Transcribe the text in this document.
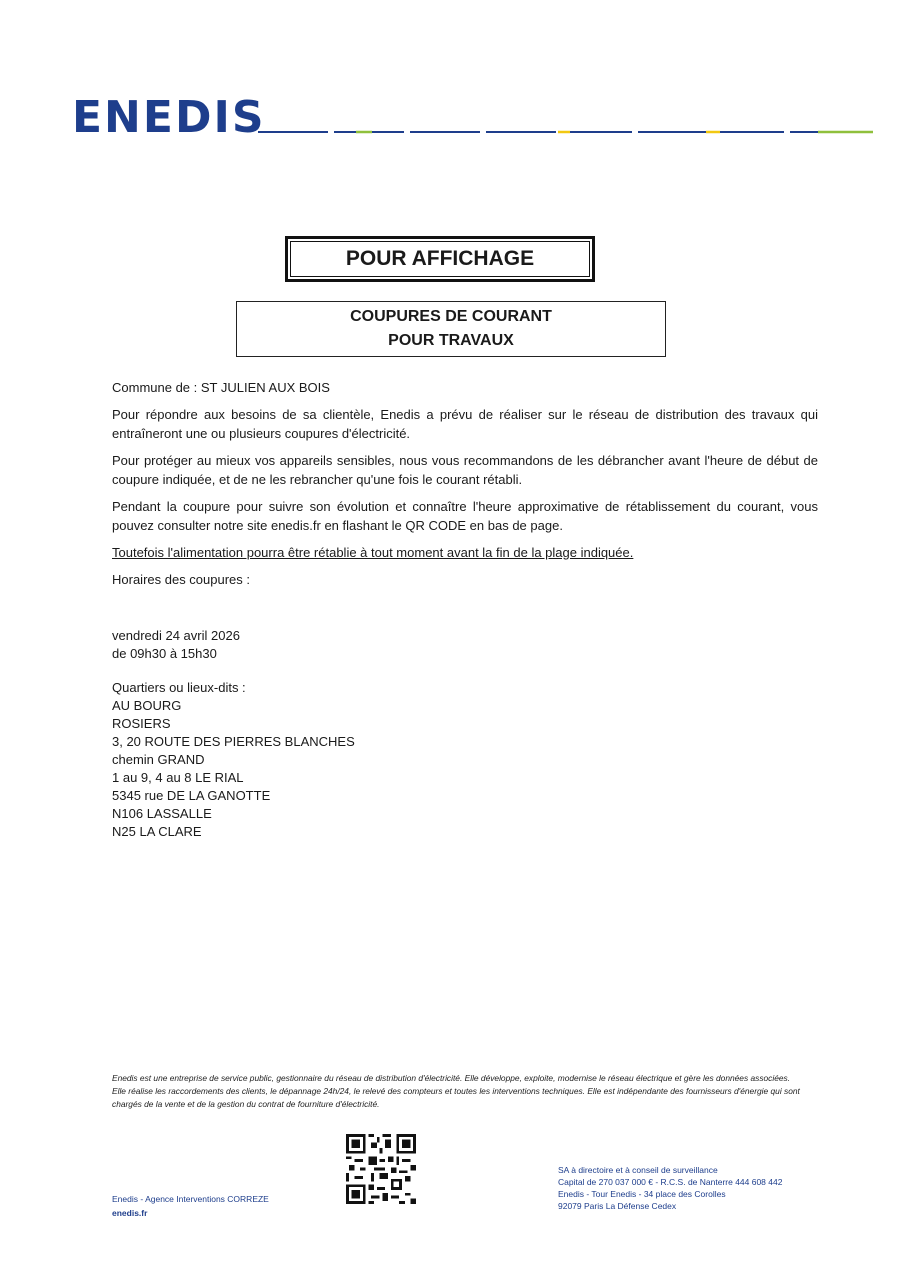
ENEDIS
POUR AFFICHAGE
COUPURES DE COURANT
POUR TRAVAUX

Commune de : ST JULIEN AUX BOIS

Pour répondre aux besoins de sa clientèle, Enedis a prévu de réaliser sur le réseau de distribution des travaux qui entraîneront une ou plusieurs coupures d'électricité.

Pour protéger au mieux vos appareils sensibles, nous vous recommandons de les débrancher avant l'heure de début de coupure indiquée, et de ne les rebrancher qu'une fois le courant rétabli.

Pendant la coupure pour suivre son évolution et connaître l'heure approximative de rétablissement du courant, vous pouvez consulter notre site enedis.fr en flashant le QR CODE en bas de page.

Toutefois l'alimentation pourra être rétablie à tout moment avant la fin de la plage indiquée.

Horaires des coupures :

vendredi 24 avril 2026
de 09h30 à 15h30
Quartiers ou lieux-dits :
AU BOURG
ROSIERS
3, 20 ROUTE DES PIERRES BLANCHES
chemin GRAND
1 au 9, 4 au 8 LE RIAL
5345 rue DE LA GANOTTE
N106 LASSALLE
N25 LA CLARE
Enedis est une entreprise de service public, gestionnaire du réseau de distribution d'électricité. Elle développe, exploite, modernise le réseau électrique et gère les données associées. Elle réalise les raccordements des clients, le dépannage 24h/24, le relevé des compteurs et toutes les interventions techniques. Elle est indépendante des fournisseurs d'énergie qui sont chargés de la vente et de la gestion du contrat de fourniture d'électricité.
Enedis - Agence Interventions CORREZE
enedis.fr
SA à directoire et à conseil de surveillance
Capital de 270 037 000 € - R.C.S. de Nanterre 444 608 442
Enedis - Tour Enedis - 34 place des Corolles
92079 Paris La Défense Cedex
